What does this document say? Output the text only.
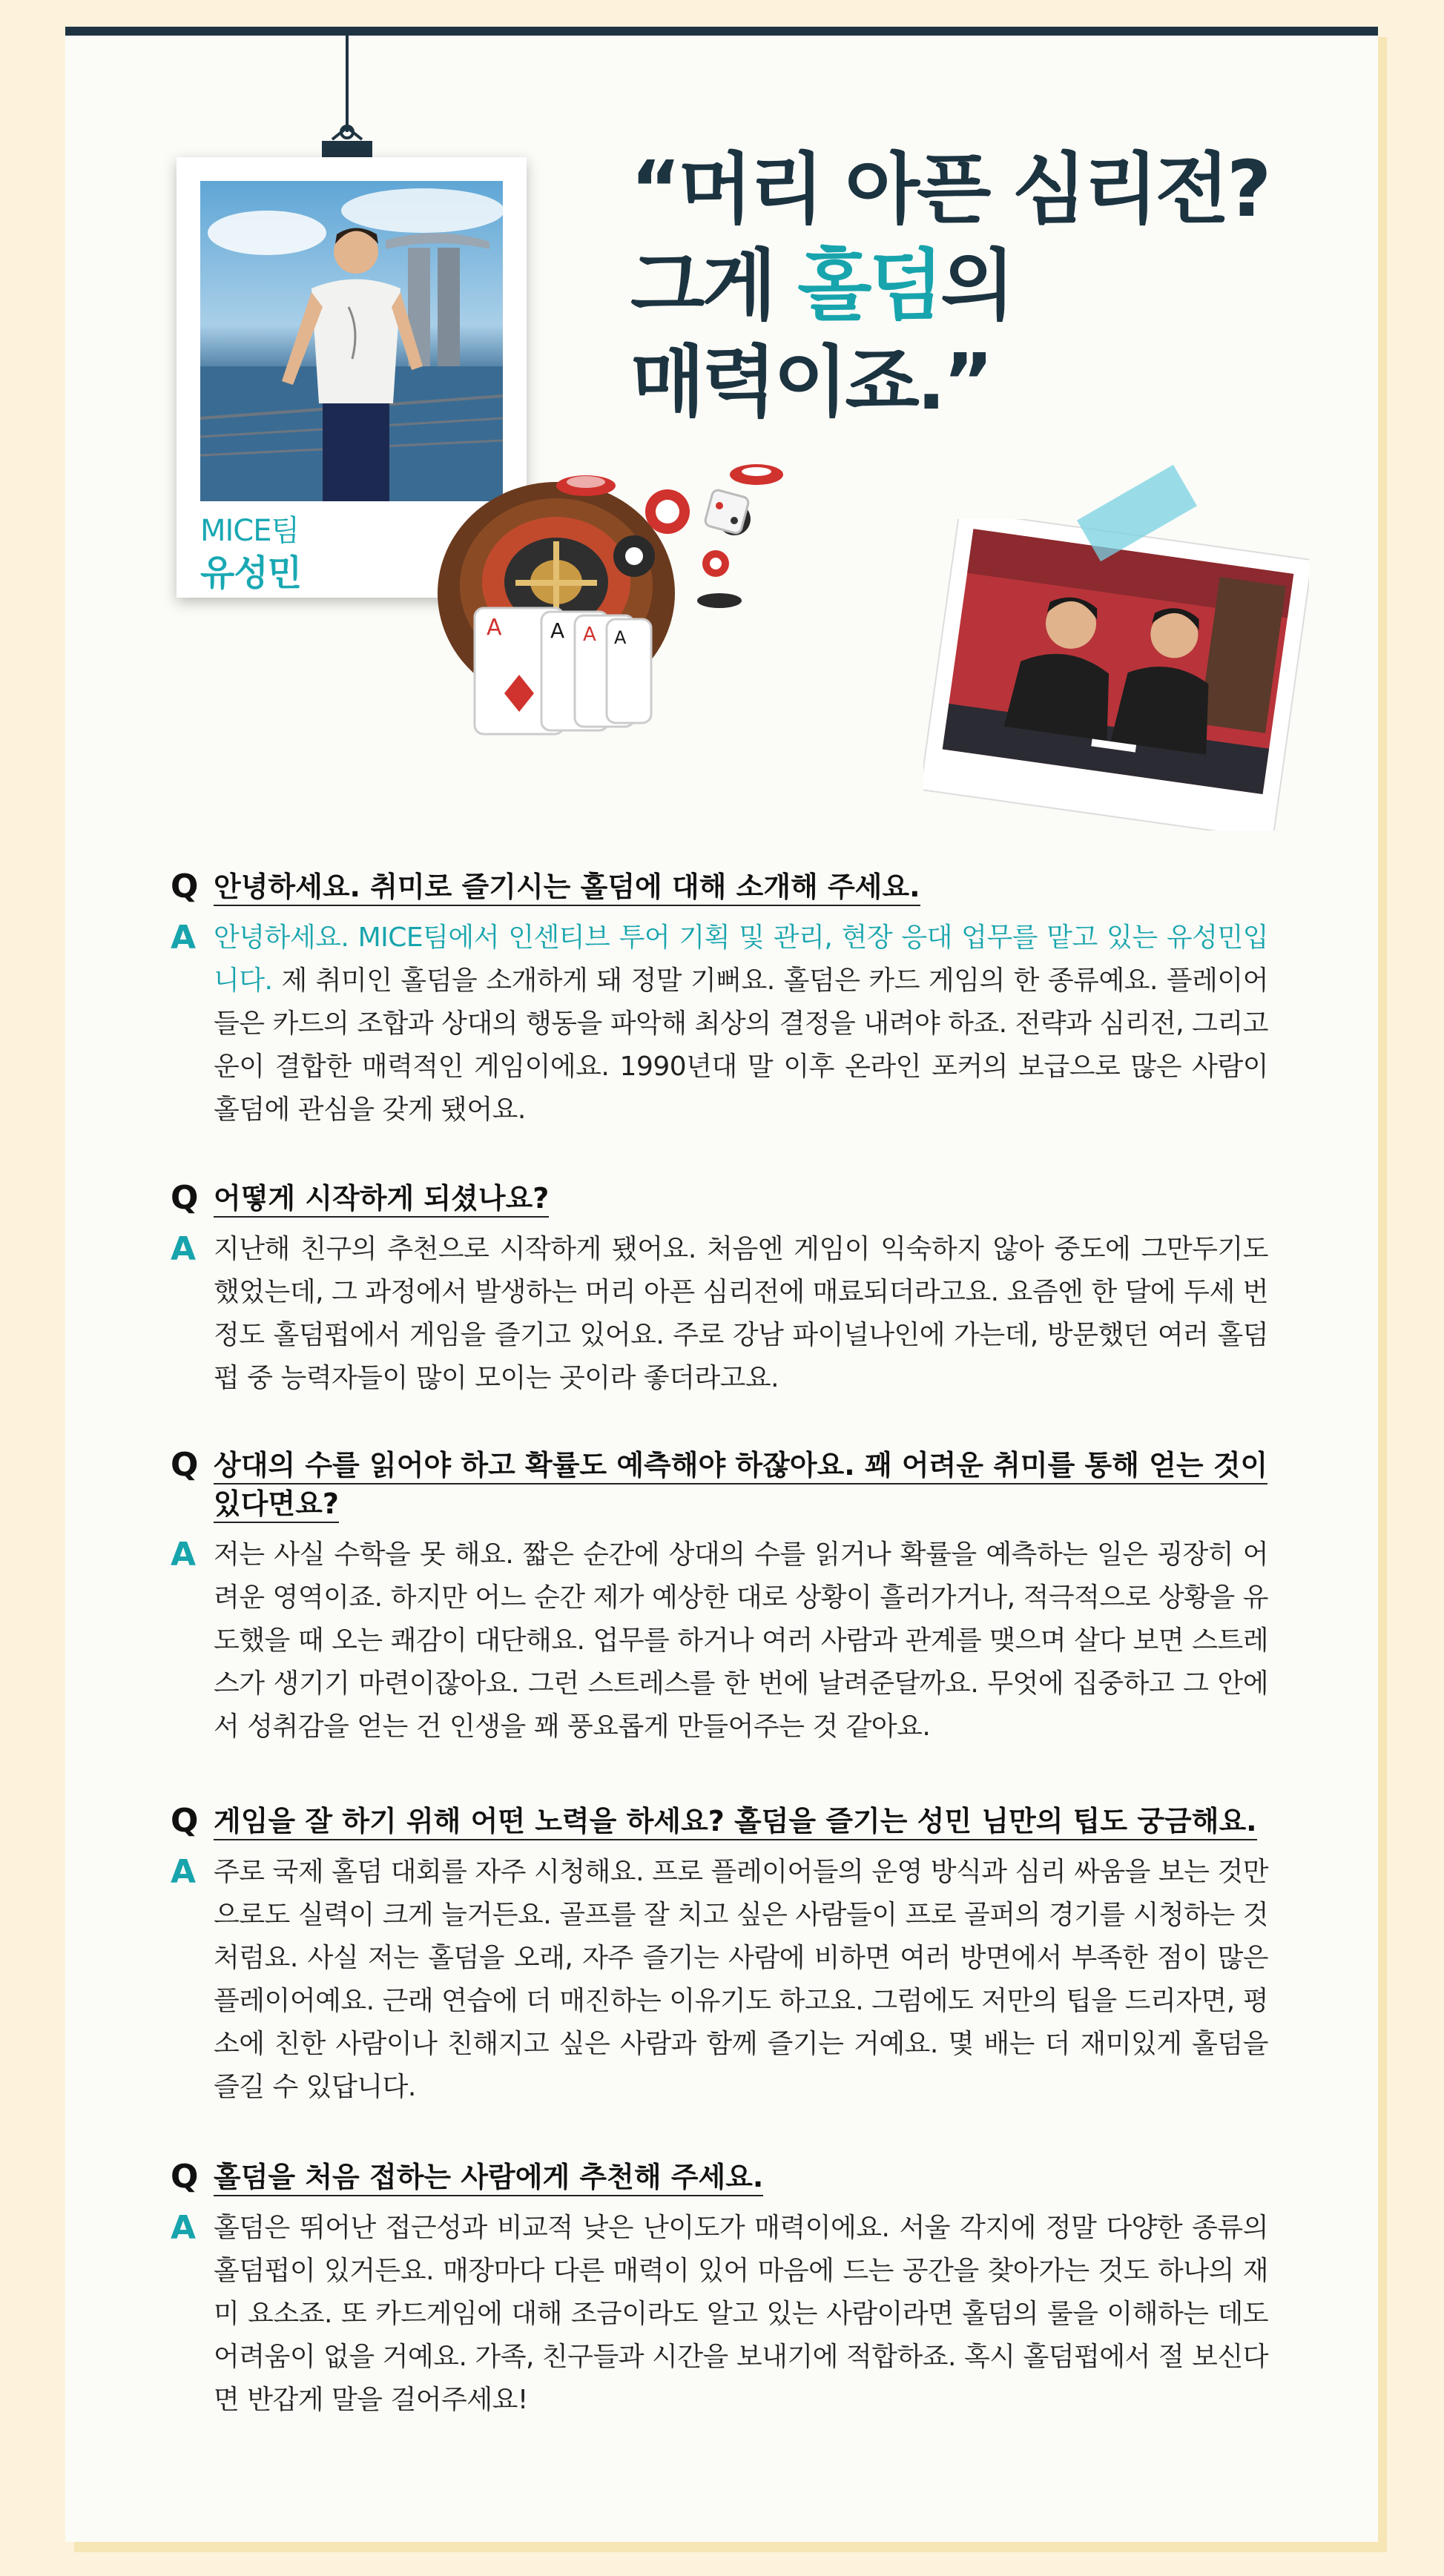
MICE팀
유성민
“머리 아픈 심리전?
그게 홀덤의
매력이죠.”
A A A A
Q 안녕하세요. 취미로 즐기시는 홀덤에 대해 소개해 주세요.
A 안녕하세요. MICE팀에서 인센티브 투어 기획 및 관리, 현장 응대 업무를 맡고 있는 유성민입니다. 제 취미인 홀덤을 소개하게 돼 정말 기뻐요. 홀덤은 카드 게임의 한 종류예요. 플레이어들은 카드의 조합과 상대의 행동을 파악해 최상의 결정을 내려야 하죠. 전략과 심리전, 그리고 운이 결합한 매력적인 게임이에요. 1990년대 말 이후 온라인 포커의 보급으로 많은 사람이 홀덤에 관심을 갖게 됐어요.
Q 어떻게 시작하게 되셨나요?
A 지난해 친구의 추천으로 시작하게 됐어요. 처음엔 게임이 익숙하지 않아 중도에 그만두기도 했었는데, 그 과정에서 발생하는 머리 아픈 심리전에 매료되더라고요. 요즘엔 한 달에 두세 번 정도 홀덤펍에서 게임을 즐기고 있어요. 주로 강남 파이널나인에 가는데, 방문했던 여러 홀덤펍 중 능력자들이 많이 모이는 곳이라 좋더라고요.
Q 상대의 수를 읽어야 하고 확률도 예측해야 하잖아요. 꽤 어려운 취미를 통해 얻는 것이 있다면요?
A 저는 사실 수학을 못 해요. 짧은 순간에 상대의 수를 읽거나 확률을 예측하는 일은 굉장히 어려운 영역이죠. 하지만 어느 순간 제가 예상한 대로 상황이 흘러가거나, 적극적으로 상황을 유도했을 때 오는 쾌감이 대단해요. 업무를 하거나 여러 사람과 관계를 맺으며 살다 보면 스트레스가 생기기 마련이잖아요. 그런 스트레스를 한 번에 날려준달까요. 무엇에 집중하고 그 안에서 성취감을 얻는 건 인생을 꽤 풍요롭게 만들어주는 것 같아요.
Q 게임을 잘 하기 위해 어떤 노력을 하세요? 홀덤을 즐기는 성민 님만의 팁도 궁금해요.
A 주로 국제 홀덤 대회를 자주 시청해요. 프로 플레이어들의 운영 방식과 심리 싸움을 보는 것만으로도 실력이 크게 늘거든요. 골프를 잘 치고 싶은 사람들이 프로 골퍼의 경기를 시청하는 것처럼요. 사실 저는 홀덤을 오래, 자주 즐기는 사람에 비하면 여러 방면에서 부족한 점이 많은 플레이어예요. 근래 연습에 더 매진하는 이유기도 하고요. 그럼에도 저만의 팁을 드리자면, 평소에 친한 사람이나 친해지고 싶은 사람과 함께 즐기는 거예요. 몇 배는 더 재미있게 홀덤을 즐길 수 있답니다.
Q 홀덤을 처음 접하는 사람에게 추천해 주세요.
A 홀덤은 뛰어난 접근성과 비교적 낮은 난이도가 매력이에요. 서울 각지에 정말 다양한 종류의 홀덤펍이 있거든요. 매장마다 다른 매력이 있어 마음에 드는 공간을 찾아가는 것도 하나의 재미 요소죠. 또 카드게임에 대해 조금이라도 알고 있는 사람이라면 홀덤의 룰을 이해하는 데도 어려움이 없을 거예요. 가족, 친구들과 시간을 보내기에 적합하죠. 혹시 홀덤펍에서 절 보신다면 반갑게 말을 걸어주세요!
